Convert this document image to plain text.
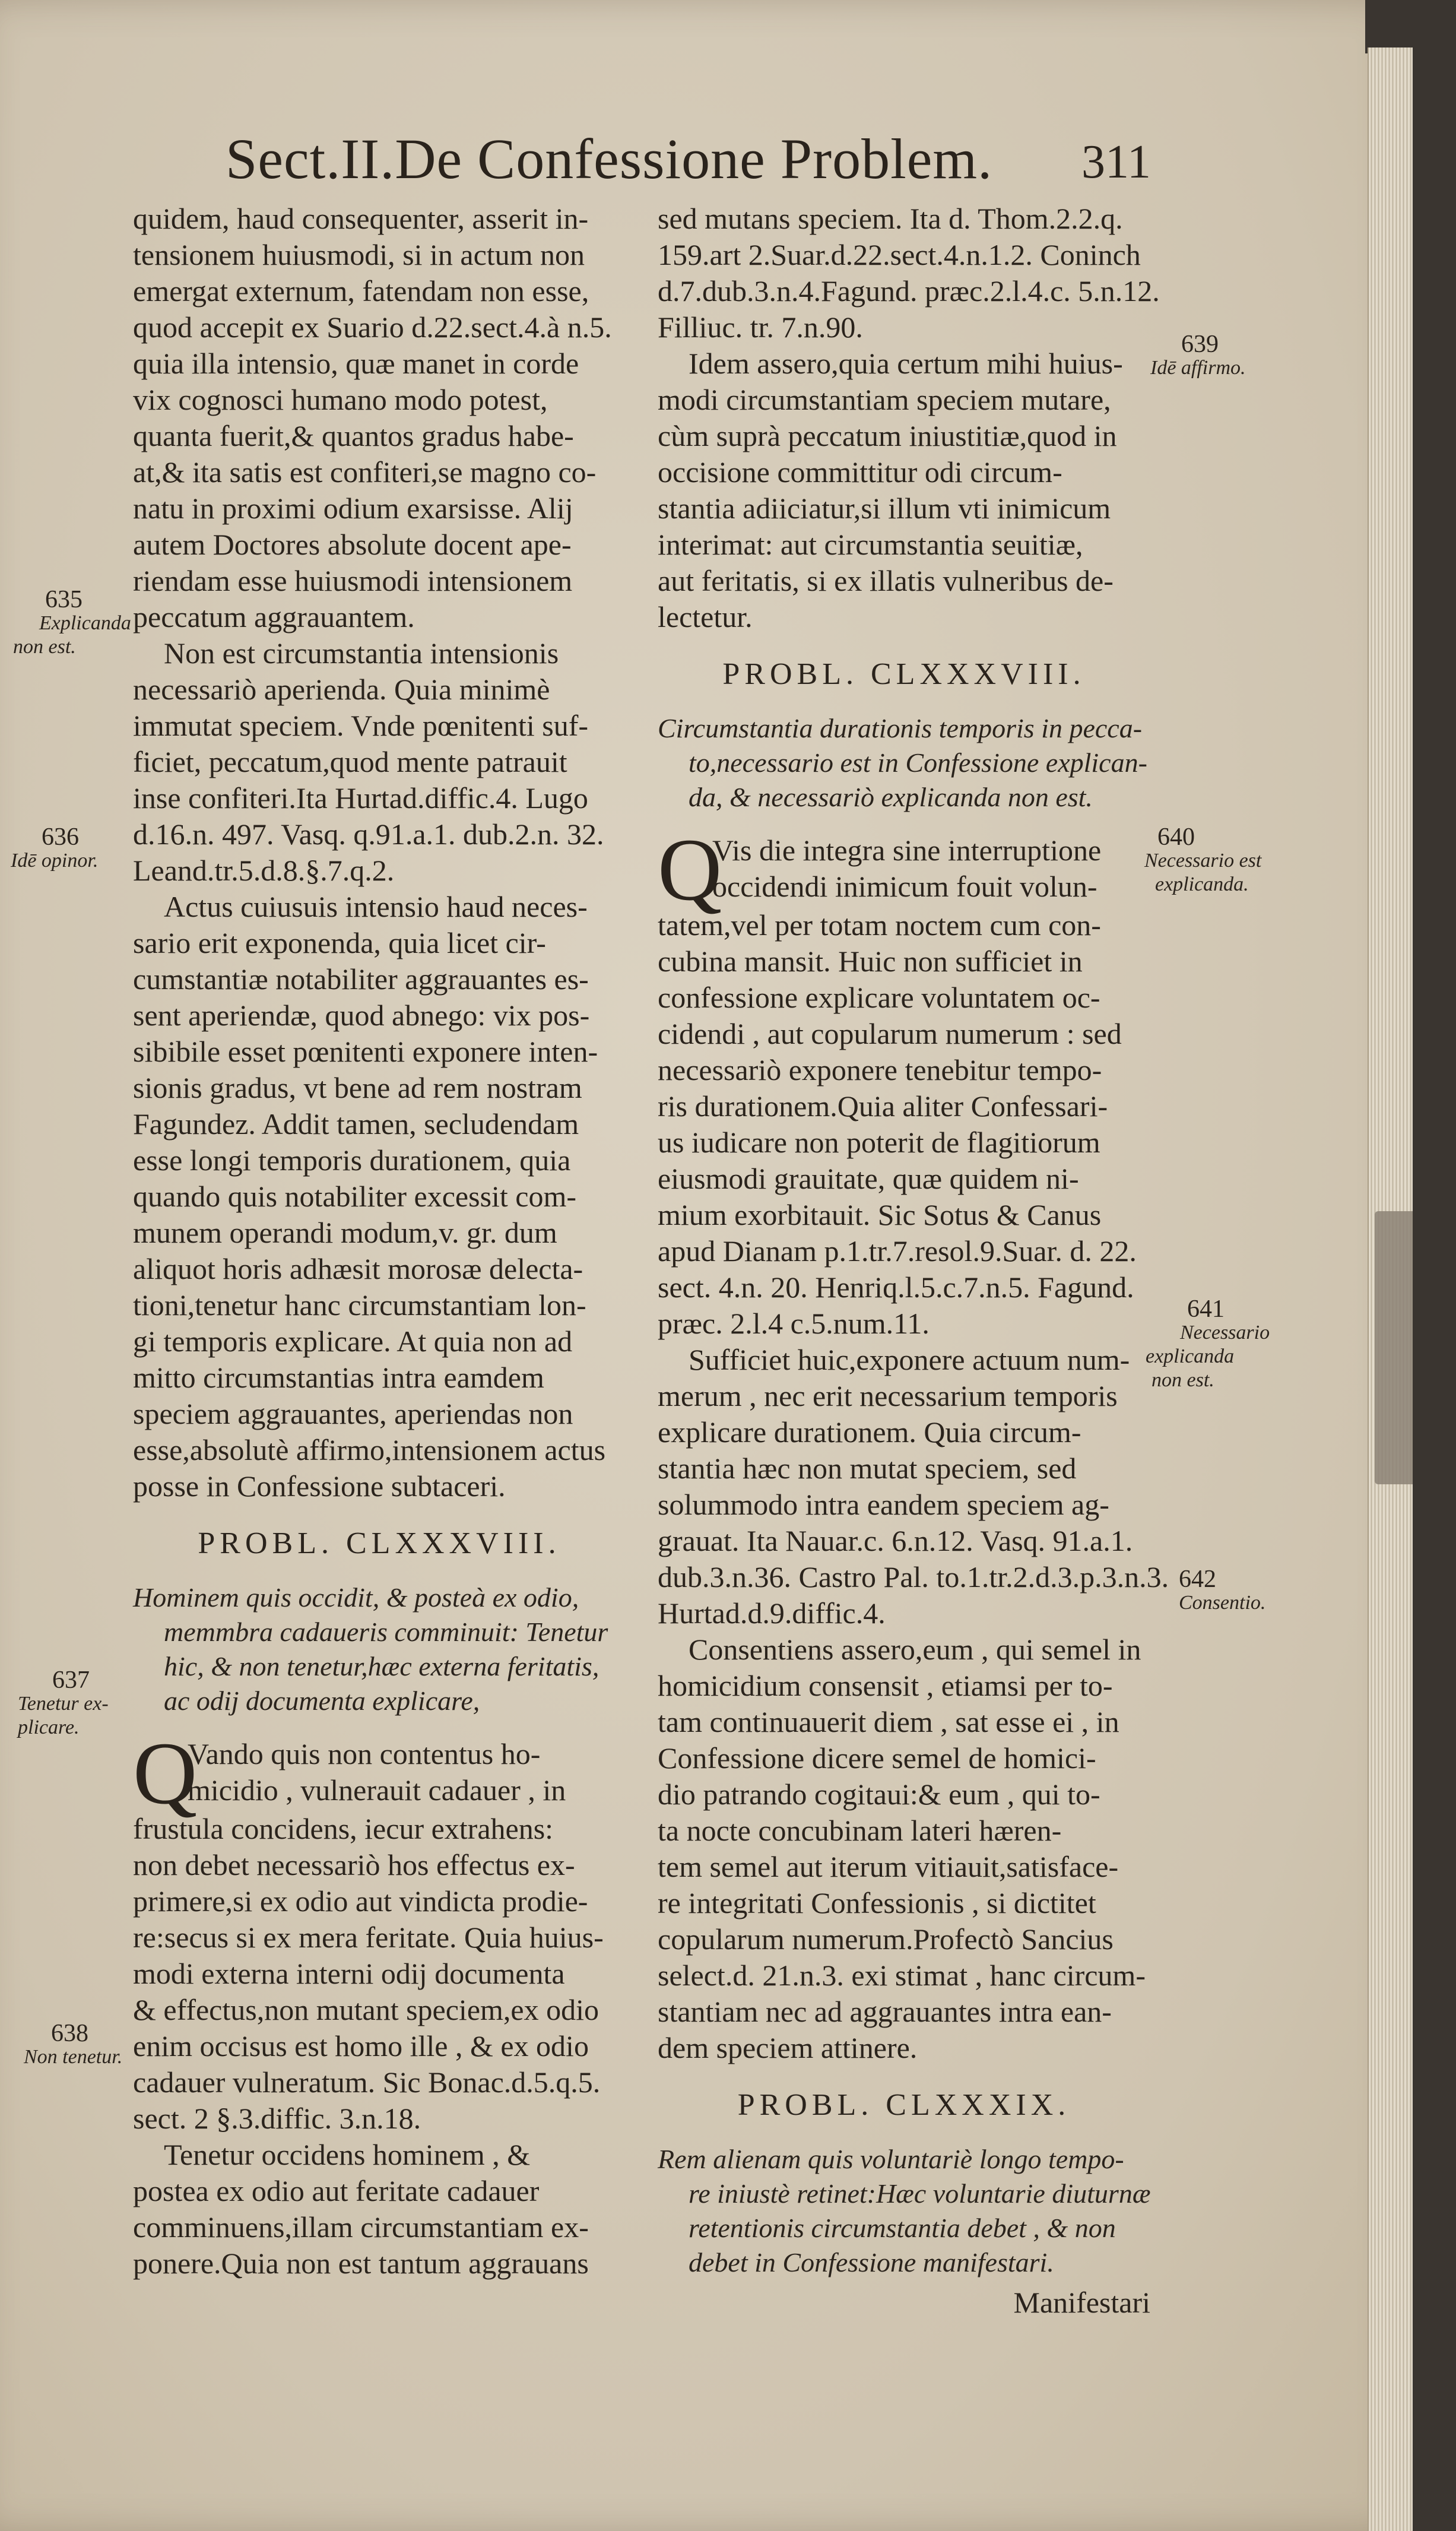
Sect.II.De Confessione Problem. 311
quidem, haud consequenter, asserit in-
tensionem huiusmodi, si in actum non
emergat externum, fatendam non esse,
quod accepit ex Suario d.22.sect.4.à n.5.
quia illa intensio, quæ manet in corde
vix cognosci humano modo potest,
quanta fuerit,& quantos gradus habe-
at,& ita satis est confiteri,se magno co-
natu in proximi odium exarsisse. Alij
autem Doctores absolute docent ape-
riendam esse huiusmodi intensionem
peccatum aggrauantem.
Non est circumstantia intensionis
necessariò aperienda. Quia minimè
immutat speciem. Vnde pœnitenti suf-
ficiet, peccatum,quod mente patrauit
inse confiteri.Ita Hurtad.diffic.4. Lugo
d.16.n. 497. Vasq. q.91.a.1. dub.2.n. 32.
Leand.tr.5.d.8.§.7.q.2.
Actus cuiusuis intensio haud neces-
sario erit exponenda, quia licet cir-
cumstantiæ notabiliter aggrauantes es-
sent aperiendæ, quod abnego: vix pos-
sibibile esset pœnitenti exponere inten-
sionis gradus, vt bene ad rem nostram
Fagundez. Addit tamen, secludendam
esse longi temporis durationem, quia
quando quis notabiliter excessit com-
munem operandi modum,v. gr. dum
aliquot horis adhæsit morosæ delecta-
tioni,tenetur hanc circumstantiam lon-
gi temporis explicare. At quia non ad
mitto circumstantias intra eamdem
speciem aggrauantes, aperiendas non
esse,absolutè affirmo,intensionem actus
posse in Confessione subtaceri.
PROBL. CLXXXVIII.
Hominem quis occidit, & posteà ex odio,
memmbra cadaueris comminuit: Tenetur
hic, & non tenetur,hæc externa feritatis,
ac odij documenta explicare,
Q
Vando quis non contentus ho-
micidio , vulnerauit cadauer , in
frustula concidens, iecur extrahens:
non debet necessariò hos effectus ex-
primere,si ex odio aut vindicta prodie-
re:secus si ex mera feritate. Quia huius-
modi externa interni odij documenta
& effectus,non mutant speciem,ex odio
enim occisus est homo ille , & ex odio
cadauer vulneratum. Sic Bonac.d.5.q.5.
sect. 2 §.3.diffic. 3.n.18.
Tenetur occidens hominem , &
postea ex odio aut feritate cadauer
comminuens,illam circumstantiam ex-
ponere.Quia non est tantum aggrauans
sed mutans speciem. Ita d. Thom.2.2.q.
159.art 2.Suar.d.22.sect.4.n.1.2. Coninch
d.7.dub.3.n.4.Fagund. præc.2.l.4.c. 5.n.12.
Filliuc. tr. 7.n.90.
Idem assero,quia certum mihi huius-
modi circumstantiam speciem mutare,
cùm suprà peccatum iniustitiæ,quod in
occisione committitur odi circum-
stantia adiiciatur,si illum vti inimicum
interimat: aut circumstantia seuitiæ,
aut feritatis, si ex illatis vulneribus de-
lectetur.
PROBL. CLXXXVIII.
Circumstantia durationis temporis in pecca-
to,necessario est in Confessione explican-
da, & necessariò explicanda non est.
Q
Vis die integra sine interruptione
occidendi inimicum fouit volun-
tatem,vel per totam noctem cum con-
cubina mansit. Huic non sufficiet in
confessione explicare voluntatem oc-
cidendi , aut copularum numerum : sed
necessariò exponere tenebitur tempo-
ris durationem.Quia aliter Confessari-
us iudicare non poterit de flagitiorum
eiusmodi grauitate, quæ quidem ni-
mium exorbitauit. Sic Sotus & Canus
apud Dianam p.1.tr.7.resol.9.Suar. d. 22.
sect. 4.n. 20. Henriq.l.5.c.7.n.5. Fagund.
præc. 2.l.4 c.5.num.11.
Sufficiet huic,exponere actuum num-
merum , nec erit necessarium temporis
explicare durationem. Quia circum-
stantia hæc non mutat speciem, sed
solummodo intra eandem speciem ag-
grauat. Ita Nauar.c. 6.n.12. Vasq. 91.a.1.
dub.3.n.36. Castro Pal. to.1.tr.2.d.3.p.3.n.3.
Hurtad.d.9.diffic.4.
Consentiens assero,eum , qui semel in
homicidium consensit , etiamsi per to-
tam continuauerit diem , sat esse ei , in
Confessione dicere semel de homici-
dio patrando cogitaui:& eum , qui to-
ta nocte concubinam lateri hæren-
tem semel aut iterum vitiauit,satisface-
re integritati Confessionis , si dictitet
copularum numerum.Profectò Sancius
select.d. 21.n.3. exi stimat , hanc circum-
stantiam nec ad aggrauantes intra ean-
dem speciem attinere.
PROBL. CLXXXIX.
Rem alienam quis voluntariè longo tempo-
re iniustè retinet:Hæc voluntarie diuturnæ
retentionis circumstantia debet , & non
debet in Confessione manifestari.
Manifestari
635
Explicanda
non est.
636
Idē opinor.
637
Tenetur ex-
plicare.
638
Non tenetur.
639
Idē affirmo.
640
Necessario est
explicanda.
641
Necessario
explicanda
non est.
642
Consentio.
